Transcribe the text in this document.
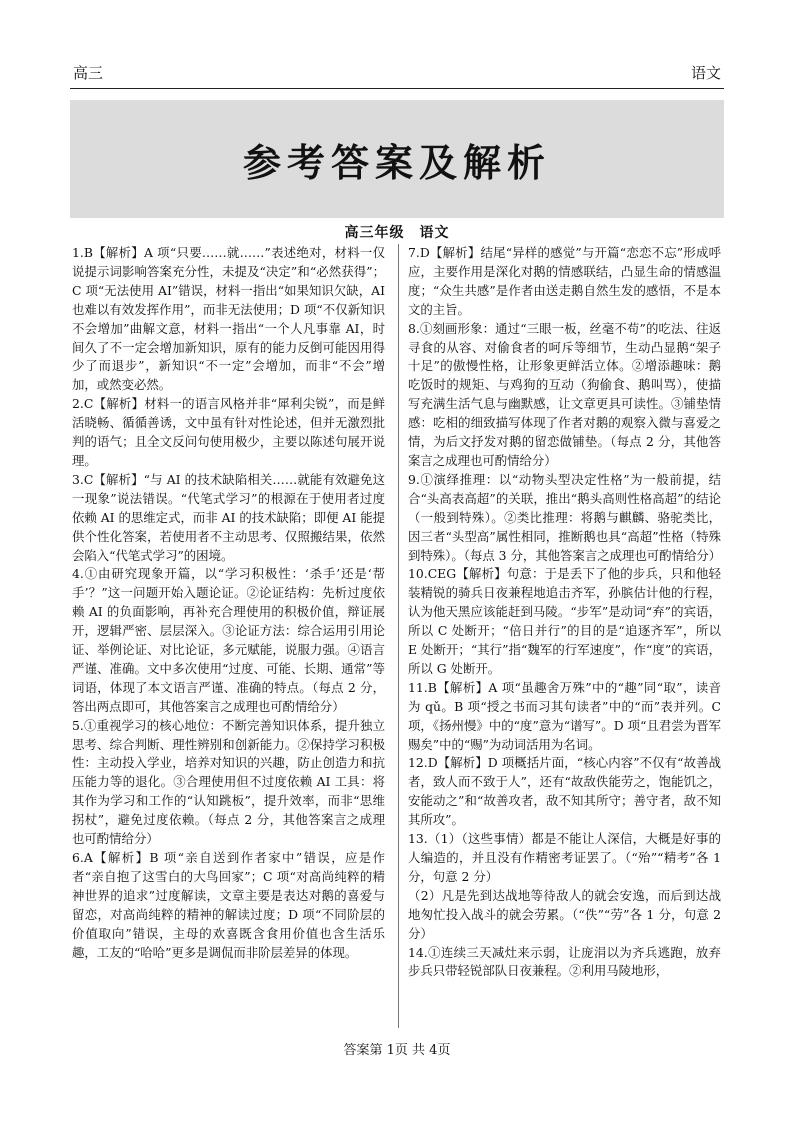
高三	语文
参考答案及解析
高三年级　语文

1.B【解析】A 项“只要……就……”表述绝对，材料一仅说提示词影响答案充分性，未提及“决定”和“必然获得”；C 项“无法使用 AI”错误，材料一指出“如果知识欠缺，AI 也难以有效发挥作用”，而非无法使用；D 项“不仅新知识不会增加”曲解文意，材料一指出“一个人凡事靠 AI，时间久了不一定会增加新知识，原有的能力反倒可能因用得少了而退步”，新知识“不一定”会增加，而非“不会”增加，或然变必然。

2.C【解析】材料一的语言风格并非“犀利尖锐”，而是鲜活晓畅、循循善诱，文中虽有针对性论述，但并无激烈批判的语气；且全文反问句使用极少，主要以陈述句展开说理。

3.C【解析】“与 AI 的技术缺陷相关……就能有效避免这一现象”说法错误。“代笔式学习”的根源在于使用者过度依赖 AI 的思维定式，而非 AI 的技术缺陷；即便 AI 能提供个性化答案，若使用者不主动思考、仅照搬结果，依然会陷入“代笔式学习”的困境。

4.①由研究现象开篇，以“学习积极性：‘杀手’还是‘帮手’？”这一问题开始入题论证。②论证结构：先析过度依赖 AI 的负面影响，再补充合理使用的积极价值，辩证展开，逻辑严密、层层深入。③论证方法：综合运用引用论证、举例论证、对比论证，多元赋能，说服力强。④语言严谨、准确。文中多次使用“过度、可能、长期、通常”等词语，体现了本文语言严谨、准确的特点。（每点 2 分，答出两点即可，其他答案言之成理也可酌情给分）

5.①重视学习的核心地位：不断完善知识体系，提升独立思考、综合判断、理性辨别和创新能力。②保持学习积极性：主动投入学业，培养对知识的兴趣，防止创造力和抗压能力等的退化。③合理使用但不过度依赖 AI 工具：将其作为学习和工作的“认知跳板”，提升效率，而非“思维拐杖”，避免过度依赖。（每点 2 分，其他答案言之成理也可酌情给分）

6.A【解析】B 项“亲自送到作者家中”错误，应是作者“亲自抱了这雪白的大鸟回家”；C 项“对高尚纯粹的精神世界的追求”过度解读，文章主要是表达对鹅的喜爱与留恋，对高尚纯粹的精神的解读过度；D 项“不同阶层的价值取向”错误，主母的欢喜既含食用价值也含生活乐趣，工友的“哈哈”更多是调侃而非阶层差异的体现。

7.D【解析】结尾“异样的感觉”与开篇“恋恋不忘”形成呼应，主要作用是深化对鹅的情感联结，凸显生命的情感温度；“众生共感”是作者由送走鹅自然生发的感悟，不是本文的主旨。

8.①刻画形象：通过“三眼一板，丝毫不苟”的吃法、往返寻食的从容、对偷食者的呵斥等细节，生动凸显鹅“架子十足”的傲慢性格，让形象更鲜活立体。②增添趣味：鹅吃饭时的规矩、与鸡狗的互动（狗偷食、鹅叫骂），使描写充满生活气息与幽默感，让文章更具可读性。③铺垫情感：吃相的细致描写体现了作者对鹅的观察入微与喜爱之情，为后文抒发对鹅的留恋做铺垫。（每点 2 分，其他答案言之成理也可酌情给分）

9.①演绎推理：以“动物头型决定性格”为一般前提，结合“头高表高超”的关联，推出“鹅头高则性格高超”的结论（一般到特殊）。②类比推理：将鹅与麒麟、骆驼类比，因三者“头型高”属性相同，推断鹅也具“高超”性格（特殊到特殊）。（每点 3 分，其他答案言之成理也可酌情给分）

10.CEG【解析】句意：于是丢下了他的步兵，只和他轻装精锐的骑兵日夜兼程地追击齐军，孙膑估计他的行程，认为他天黑应该能赶到马陵。“步军”是动词“弃”的宾语，所以 C 处断开；“倍日并行”的目的是“追逐齐军”，所以 E 处断开；“其行”指“魏军的行军速度”，作“度”的宾语，所以 G 处断开。

11.B【解析】A 项“虽趣舍万殊”中的“趣”同“取”，读音为 qǔ。B 项“授之书而习其句读者”中的“而”表并列。C 项，《扬州慢》中的“度”意为“谱写”。D 项“且君尝为晋军赐矣”中的“赐”为动词活用为名词。

12.D【解析】D 项概括片面，“核心内容”不仅有“故善战者，致人而不致于人”，还有“故敌佚能劳之，饱能饥之，安能动之”和“故善攻者，敌不知其所守；善守者，敌不知其所攻”。

13.（1）（这些事情）都是不能让人深信，大概是好事的人编造的，并且没有作精密考证罢了。（“殆”“精考”各 1 分，句意 2 分）

（2）凡是先到达战地等待敌人的就会安逸，而后到达战地匆忙投入战斗的就会劳累。（“佚”“劳”各 1 分，句意 2 分）

14.①连续三天减灶来示弱，让庞涓以为齐兵逃跑，放弃步兵只带轻锐部队日夜兼程。②利用马陵地形，

答案第 1页 共 4页
